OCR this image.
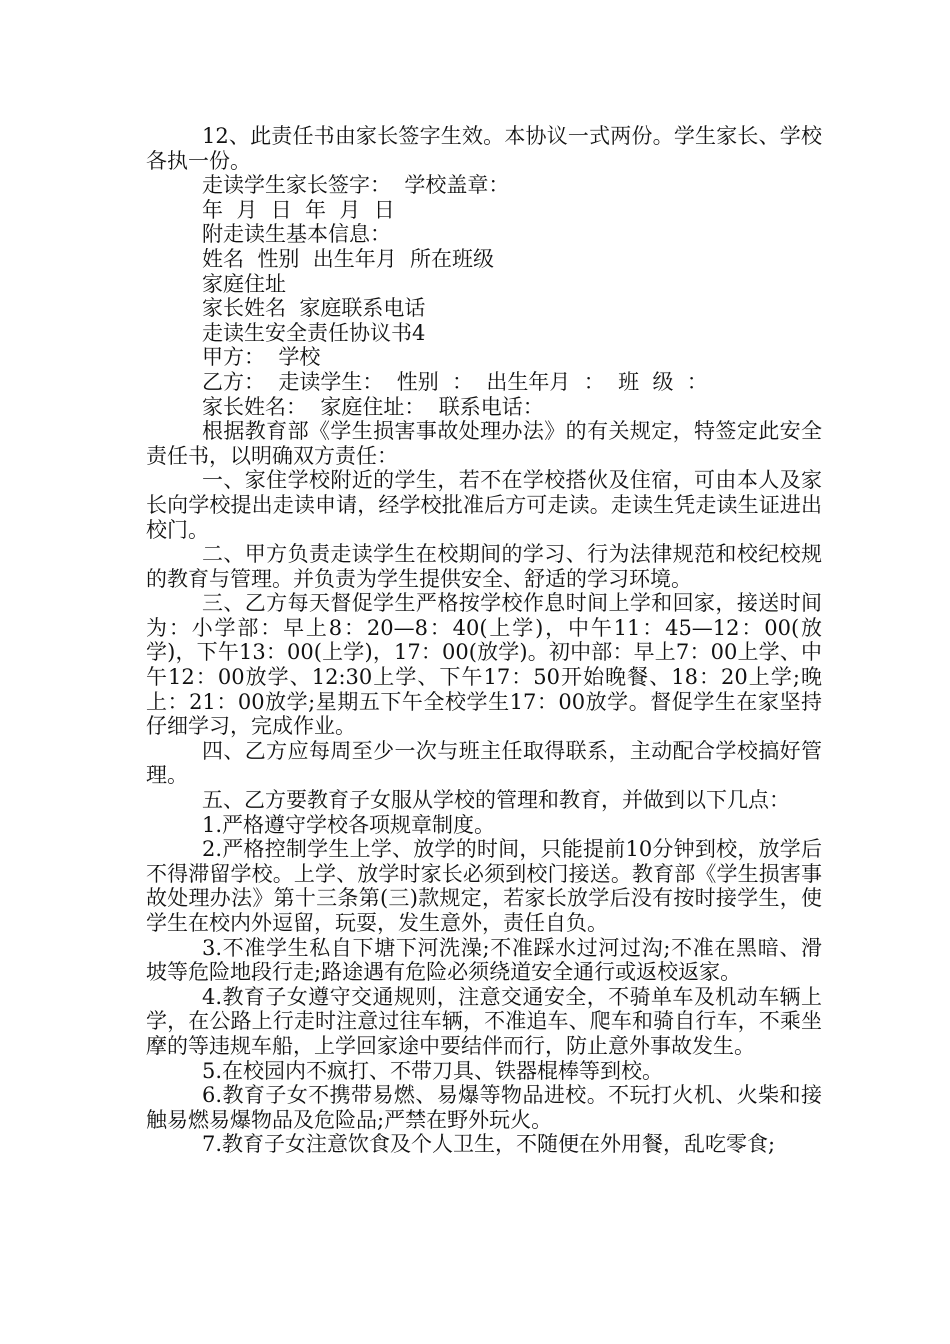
12、此责任书由家长签字生效。本协议一式两份。学生家长、学校各执一份。

走读学生家长签字：  学校盖章：

年  月  日  年  月  日

附走读生基本信息：

姓名  性别  出生年月  所在班级

家庭住址

家长姓名  家庭联系电话

走读生安全责任协议书4

甲方：  学校

乙方：  走读学生：  性别  ：  出生年月  ：  班  级  ：

家长姓名：  家庭住址：  联系电话：

根据教育部《学生损害事故处理办法》的有关规定，特签定此安全责任书，以明确双方责任：

一、家住学校附近的学生，若不在学校搭伙及住宿，可由本人及家长向学校提出走读申请，经学校批准后方可走读。走读生凭走读生证进出校门。

二、甲方负责走读学生在校期间的学习、行为法律规范和校纪校规的教育与管理。并负责为学生提供安全、舒适的学习环境。

三、乙方每天督促学生严格按学校作息时间上学和回家，接送时间为：小学部：早上8：20—8：40(上学)，中午11：45—12：00(放学)，下午13：00(上学)，17：00(放学)。初中部：早上7：00上学、中午12：00放学、12:30上学、下午17：50开始晚餐、18：20上学;晚上：21：00放学;星期五下午全校学生17：00放学。督促学生在家坚持仔细学习，完成作业。

四、乙方应每周至少一次与班主任取得联系，主动配合学校搞好管理。

五、乙方要教育子女服从学校的管理和教育，并做到以下几点：

1.严格遵守学校各项规章制度。

2.严格控制学生上学、放学的时间，只能提前10分钟到校，放学后不得滞留学校。上学、放学时家长必须到校门接送。教育部《学生损害事故处理办法》第十三条第(三)款规定，若家长放学后没有按时接学生，使学生在校内外逗留，玩耍，发生意外，责任自负。

3.不准学生私自下塘下河洗澡;不准踩水过河过沟;不准在黑暗、滑坡等危险地段行走;路途遇有危险必须绕道安全通行或返校返家。

4.教育子女遵守交通规则，注意交通安全，不骑单车及机动车辆上学，在公路上行走时注意过往车辆，不准追车、爬车和骑自行车，不乘坐摩的等违规车船，上学回家途中要结伴而行，防止意外事故发生。

5.在校园内不疯打、不带刀具、铁器棍棒等到校。

6.教育子女不携带易燃、易爆等物品进校。不玩打火机、火柴和接触易燃易爆物品及危险品;严禁在野外玩火。

7.教育子女注意饮食及个人卫生，不随便在外用餐，乱吃零食;
